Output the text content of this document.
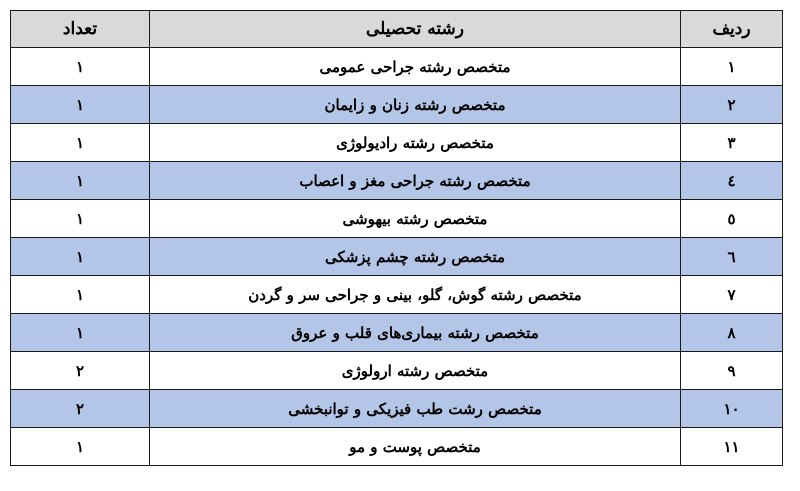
ردیف	رشته تحصیلی	تعداد
۱	متخصص رشته جراحی عمومی	۱
۲	متخصص رشته زنان و زایمان	۱
۳	متخصص رشته رادیولوژی	۱
٤	متخصص رشته جراحی مغز و اعصاب	۱
٥	متخصص رشته بیهوشی	۱
٦	متخصص رشته چشم پزشکی	۱
۷	متخصص رشته گوش، گلو، بینی و جراحی سر و گردن	۱
۸	متخصص رشته بیماری‌های قلب و عروق	۱
۹	متخصص رشته ارولوژی	۲
۱۰	متخصص رشت طب فیزیکی و توانبخشی	۲
۱۱	متخصص پوست و مو	۱
